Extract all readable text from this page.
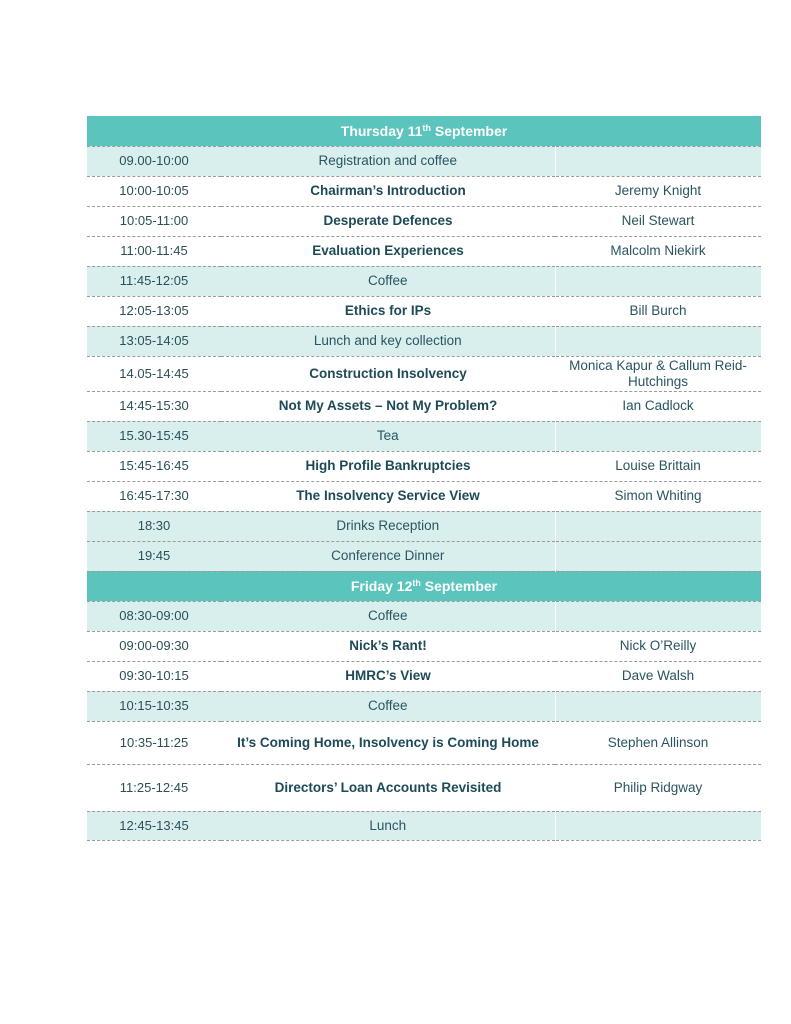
Thursday 11th September		
09.00-10:00	Registration and coffee	
10:00-10:05	Chairman’s Introduction	Jeremy Knight
10:05-11:00	Desperate Defences	Neil Stewart
11:00-11:45	Evaluation Experiences	Malcolm Niekirk
11:45-12:05	Coffee	
12:05-13:05	Ethics for IPs	Bill Burch
13:05-14:05	Lunch and key collection	
14.05-14:45	Construction Insolvency	Monica Kapur & Callum Reid-Hutchings
14:45-15:30	Not My Assets – Not My Problem?	Ian Cadlock
15.30-15:45	Tea	
15:45-16:45	High Profile Bankruptcies	Louise Brittain
16:45-17:30	The Insolvency Service View	Simon Whiting
18:30	Drinks Reception	
19:45	Conference Dinner	
Friday 12th September		
08:30-09:00	Coffee	
09:00-09:30	Nick’s Rant!	Nick O’Reilly
09:30-10:15	HMRC’s View	Dave Walsh
10:15-10:35	Coffee	
10:35-11:25	It’s Coming Home, Insolvency is Coming Home	Stephen Allinson
11:25-12:45	Directors’ Loan Accounts Revisited	Philip Ridgway
12:45-13:45	Lunch	
